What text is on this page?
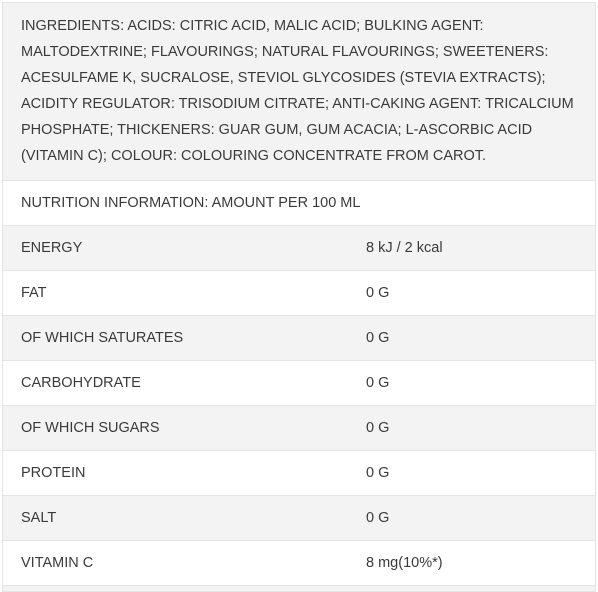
INGREDIENTS: ACIDS: CITRIC ACID, MALIC ACID; BULKING AGENT: MALTODEXTRINE; FLAVOURINGS; NATURAL FLAVOURINGS; SWEETENERS: ACESULFAME K, SUCRALOSE, STEVIOL GLYCOSIDES (STEVIA EXTRACTS); ACIDITY REGULATOR: TRISODIUM CITRATE; ANTI-CAKING AGENT: TRICALCIUM PHOSPHATE; THICKENERS: GUAR GUM, GUM ACACIA; L-ASCORBIC ACID (VITAMIN C); COLOUR: COLOURING CONCENTRATE FROM CAROT.
NUTRITION INFORMATION: AMOUNT PER 100 ML
ENERGY	8 kJ / 2 kcal
FAT	0 G
OF WHICH SATURATES	0 G
CARBOHYDRATE	0 G
OF WHICH SUGARS	0 G
PROTEIN	0 G
SALT	0 G
VITAMIN C	8 mg(10%*)
